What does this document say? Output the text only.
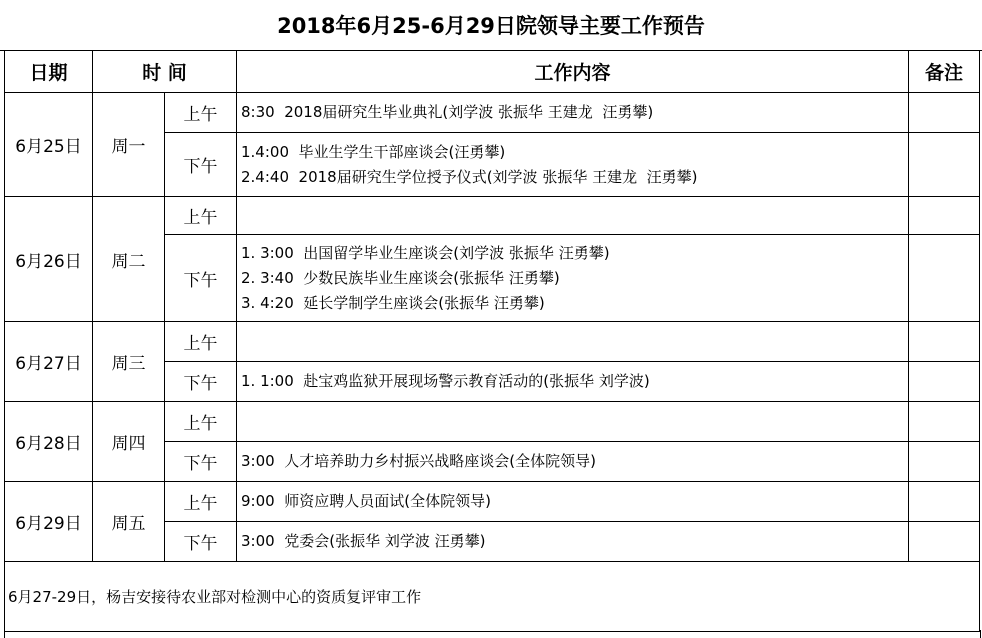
2018年6月25-6月29日院领导主要工作预告
日期	时 间		工作内容	备注
6月25日	周一	上午	8:30  2018届研究生毕业典礼(刘学波 张振华 王建龙  汪勇攀)	

		下午	1.4:00  毕业生学生干部座谈会(汪勇攀)
2.4:40  2018届研究生学位授予仪式(刘学波 张振华 王建龙  汪勇攀)	

6月26日	周二	上午		
		下午	1. 3:00  出国留学毕业生座谈会(刘学波 张振华 汪勇攀)
2. 3:40  少数民族毕业生座谈会(张振华 汪勇攀)
3. 4:20  延长学制学生座谈会(张振华 汪勇攀)	

6月27日	周三	上午		
		下午	1. 1:00  赴宝鸡监狱开展现场警示教育活动的(张振华 刘学波)	

6月28日	周四	上午		
		下午	3:00  人才培养助力乡村振兴战略座谈会(全体院领导)	

6月29日	周五	上午	9:00  师资应聘人员面试(全体院领导)	

		下午	3:00  党委会(张振华 刘学波 汪勇攀)	

6月27-29日，杨吉安接待农业部对检测中心的资质复评审工作				
